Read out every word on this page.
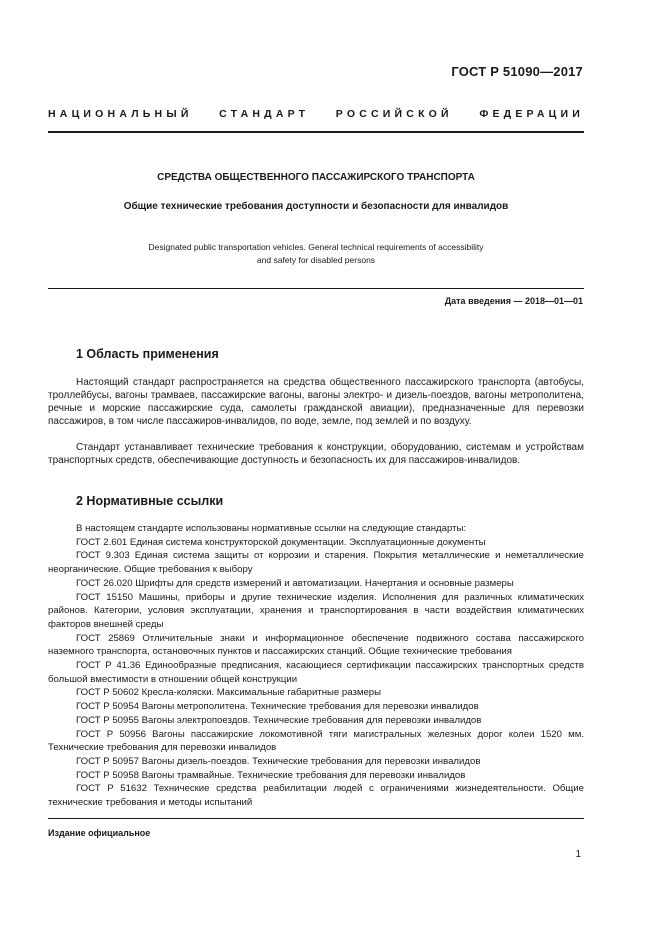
ГОСТ Р 51090—2017
НАЦИОНАЛЬНЫЙ	СТАНДАРТ	РОССИЙСКОЙ	ФЕДЕРАЦИИ
СРЕДСТВА ОБЩЕСТВЕННОГО ПАССАЖИРСКОГО ТРАНСПОРТА
Общие технические требования доступности и безопасности для инвалидов
Designated public transportation vehicles. General technical requirements of accessibility
and safety for disabled persons
Дата введения — 2018—01—01
1 Область применения

Настоящий стандарт распространяется на средства общественного пассажирского транспорта (автобусы, троллейбусы, вагоны трамваев, пассажирские вагоны, вагоны электро- и дизель-поездов, вагоны метрополитена, речные и морские пассажирские суда, самолеты гражданской авиации), предназначенные для перевозки пассажиров, в том числе пассажиров-инвалидов, по воде, земле, под землей и по воздуху.

Стандарт устанавливает технические требования к конструкции, оборудованию, системам и устройствам транспортных средств, обеспечивающие доступность и безопасность их для пассажиров-инвалидов.

2 Нормативные ссылки
В настоящем стандарте использованы нормативные ссылки на следующие стандарты:
ГОСТ 2.601 Единая система конструкторской документации. Эксплуатационные документы
ГОСТ 9.303 Единая система защиты от коррозии и старения. Покрытия металлические и неметаллические неорганические. Общие требования к выбору
ГОСТ 26.020 Шрифты для средств измерений и автоматизации. Начертания и основные размеры
ГОСТ 15150 Машины, приборы и другие технические изделия. Исполнения для различных климатических районов. Категории, условия эксплуатации, хранения и транспортирования в части воздействия климатических факторов внешней среды
ГОСТ 25869 Отличительные знаки и информационное обеспечение подвижного состава пассажирского наземного транспорта, остановочных пунктов и пассажирских станций. Общие технические требования
ГОСТ Р 41.36 Единообразные предписания, касающиеся сертификации пассажирских транспортных средств большой вместимости в отношении общей конструкции
ГОСТ Р 50602 Кресла-коляски. Максимальные габаритные размеры
ГОСТ Р 50954 Вагоны метрополитена. Технические требования для перевозки инвалидов
ГОСТ Р 50955 Вагоны электропоездов. Технические требования для перевозки инвалидов
ГОСТ Р 50956 Вагоны пассажирские локомотивной тяги магистральных железных дорог колеи 1520 мм. Технические требования для перевозки инвалидов
ГОСТ Р 50957 Вагоны дизель-поездов. Технические требования для перевозки инвалидов
ГОСТ Р 50958 Вагоны трамвайные. Технические требования для перевозки инвалидов
ГОСТ Р 51632 Технические средства реабилитации людей с ограничениями жизнедеятельности. Общие технические требования и методы испытаний
Издание официальное
1
